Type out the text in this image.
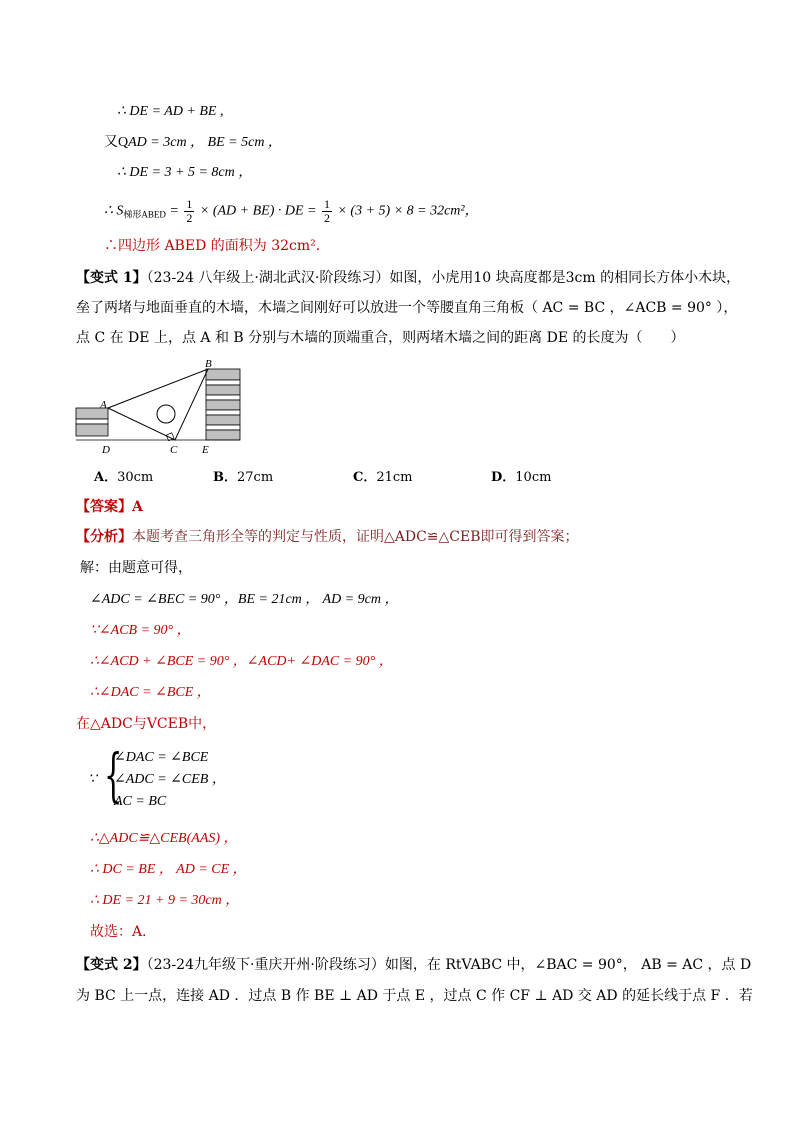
∴ DE = AD + BE ,
又QAD = 3cm ， BE = 5cm ，
∴ DE = 3 + 5 = 8cm ，
∴ $S_{梯形ABED} = \frac{1}{2} \times (AD + BE)$ · DE = $\frac{1}{2} \times (3 + 5) \times 8 = 32cm^2$，
∴四边形 ABED 的面积为 32cm²．
【变式 1】（23-24 八年级上·湖北武汉·阶段练习）如图，小虎用10 块高度都是3cm 的相同长方体小木块，
垒了两堵与地面垂直的木墙，木墙之间刚好可以放进一个等腰直角三角板（ AC = BC ，∠ACB = 90° ），
点 C 在 DE 上，点 A 和 B 分别与木墙的顶端重合，则两堵木墙之间的距离 DE 的长度为（　　）
A
B
C
D	E
A．30cm	B．27cm	C．21cm	D．10cm
【答案】A
【分析】本题考查三角形全等的判定与性质，证明△ADC≌△CEB即可得到答案；
解：由题意可得，
∠ADC = ∠BEC = 90° ，BE = 21cm ， AD = 9cm ，
∵∠ACB = 90° ，
∴∠ACD + ∠BCE = 90° ，∠ACD+ ∠DAC = 90° ，
∴∠DAC = ∠BCE ，
在△ADC与VCEB中，
∵ {
∠DAC = ∠BCE
∠ADC = ∠CEB ，
AC = BC
∴△ADC≌△CEB(AAS) ，
∴ DC = BE ， AD = CE ，
∴ DE = 21 + 9 = 30cm ，
故选：A．
【变式 2】（23-24九年级下·重庆开州·阶段练习）如图，在 RtVABC 中，∠BAC = 90°， AB = AC ，点 D
为 BC 上一点，连接 AD ．过点 B 作 BE ⊥ AD 于点 E ，过点 C 作 CF ⊥ AD 交 AD 的延长线于点 F ．若
